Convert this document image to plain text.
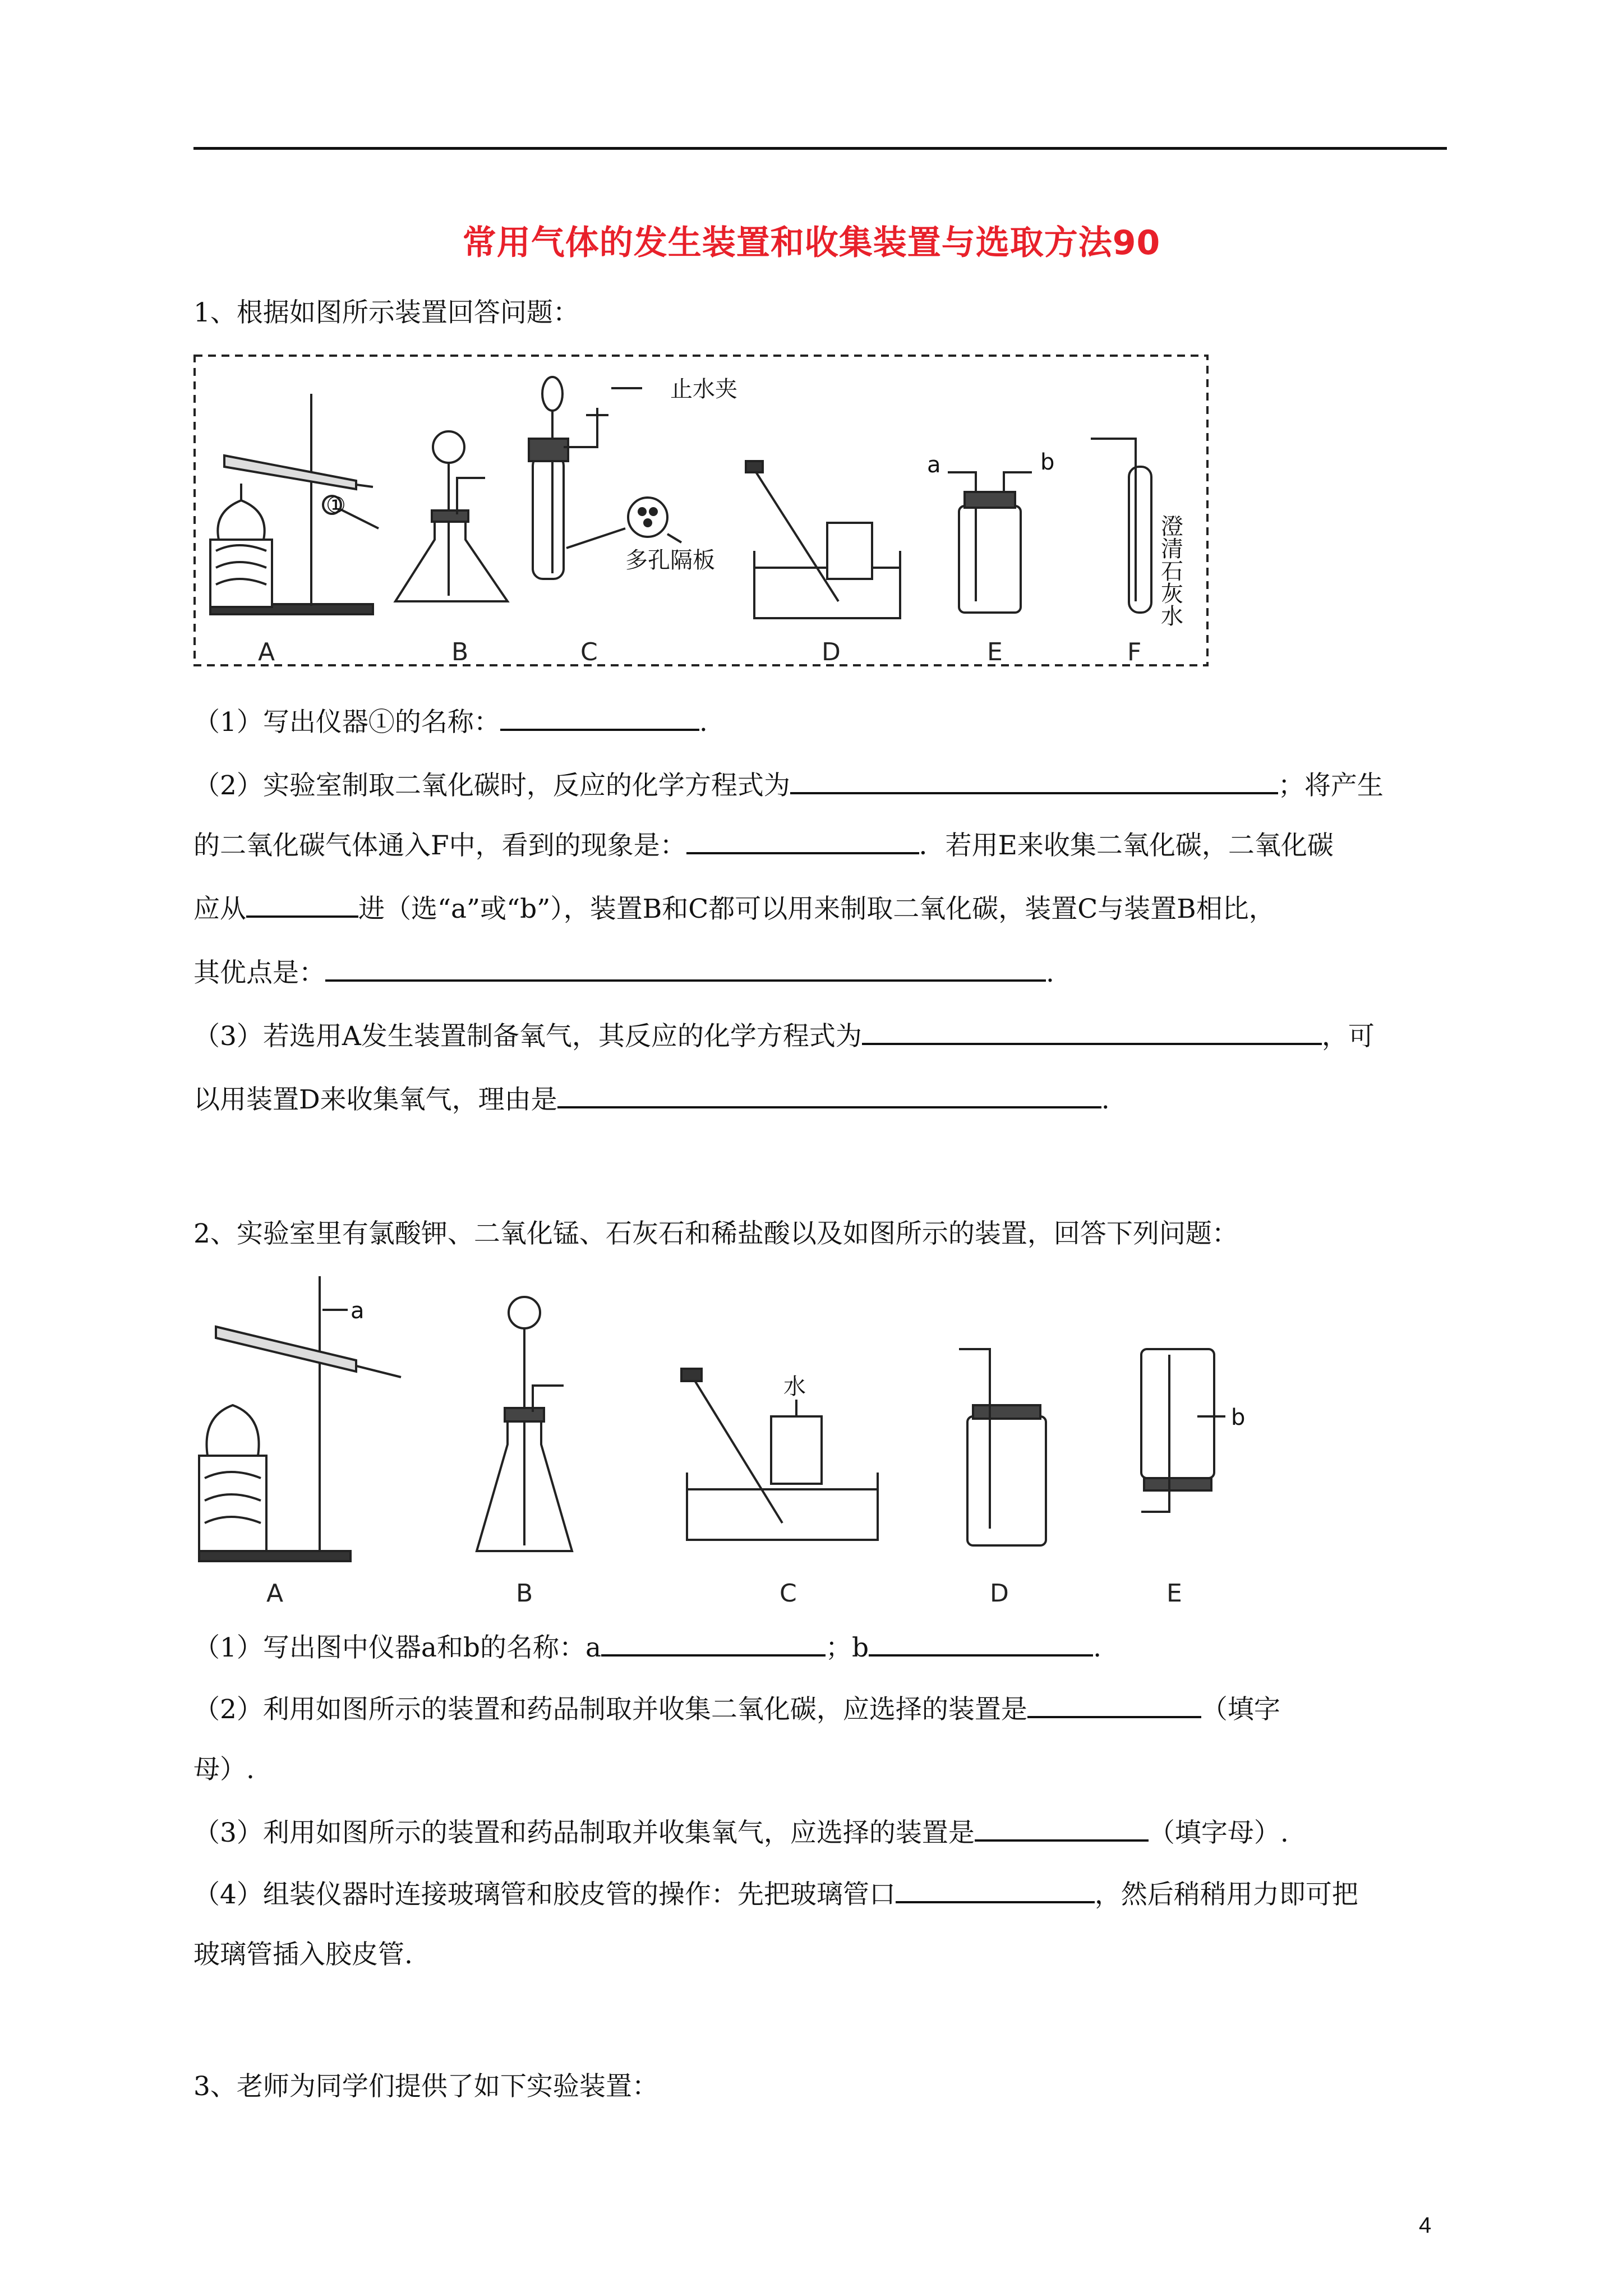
常用气体的发生装置和收集装置与选取方法90
1、根据如图所示装置回答问题：
①
止水夹
多孔隔板
a	b
澄
清
石
灰
水
A	B	C	D	E	F
（1）写出仪器①的名称：	.
（2）实验室制取二氧化碳时，反应的化学方程式为	；将产生
的二氧化碳气体通入F中，看到的现象是：	．若用E来收集二氧化碳，二氧化碳
应从	进（选“a”或“b”），装置B和C都可以用来制取二氧化碳，装置C与装置B相比，
其优点是：	.
（3）若选用A发生装置制备氧气，其反应的化学方程式为	，可
以用装置D来收集氧气，理由是	.
2、实验室里有氯酸钾、二氧化锰、石灰石和稀盐酸以及如图所示的装置，回答下列问题：
a
水
b
A	B	C	D	E
（1）写出图中仪器a和b的名称：a	；b	.
（2）利用如图所示的装置和药品制取并收集二氧化碳，应选择的装置是	（填字
母）.
（3）利用如图所示的装置和药品制取并收集氧气，应选择的装置是	（填字母）.
（4）组装仪器时连接玻璃管和胶皮管的操作：先把玻璃管口	，然后稍稍用力即可把
玻璃管插入胶皮管.
3、老师为同学们提供了如下实验装置：
4
